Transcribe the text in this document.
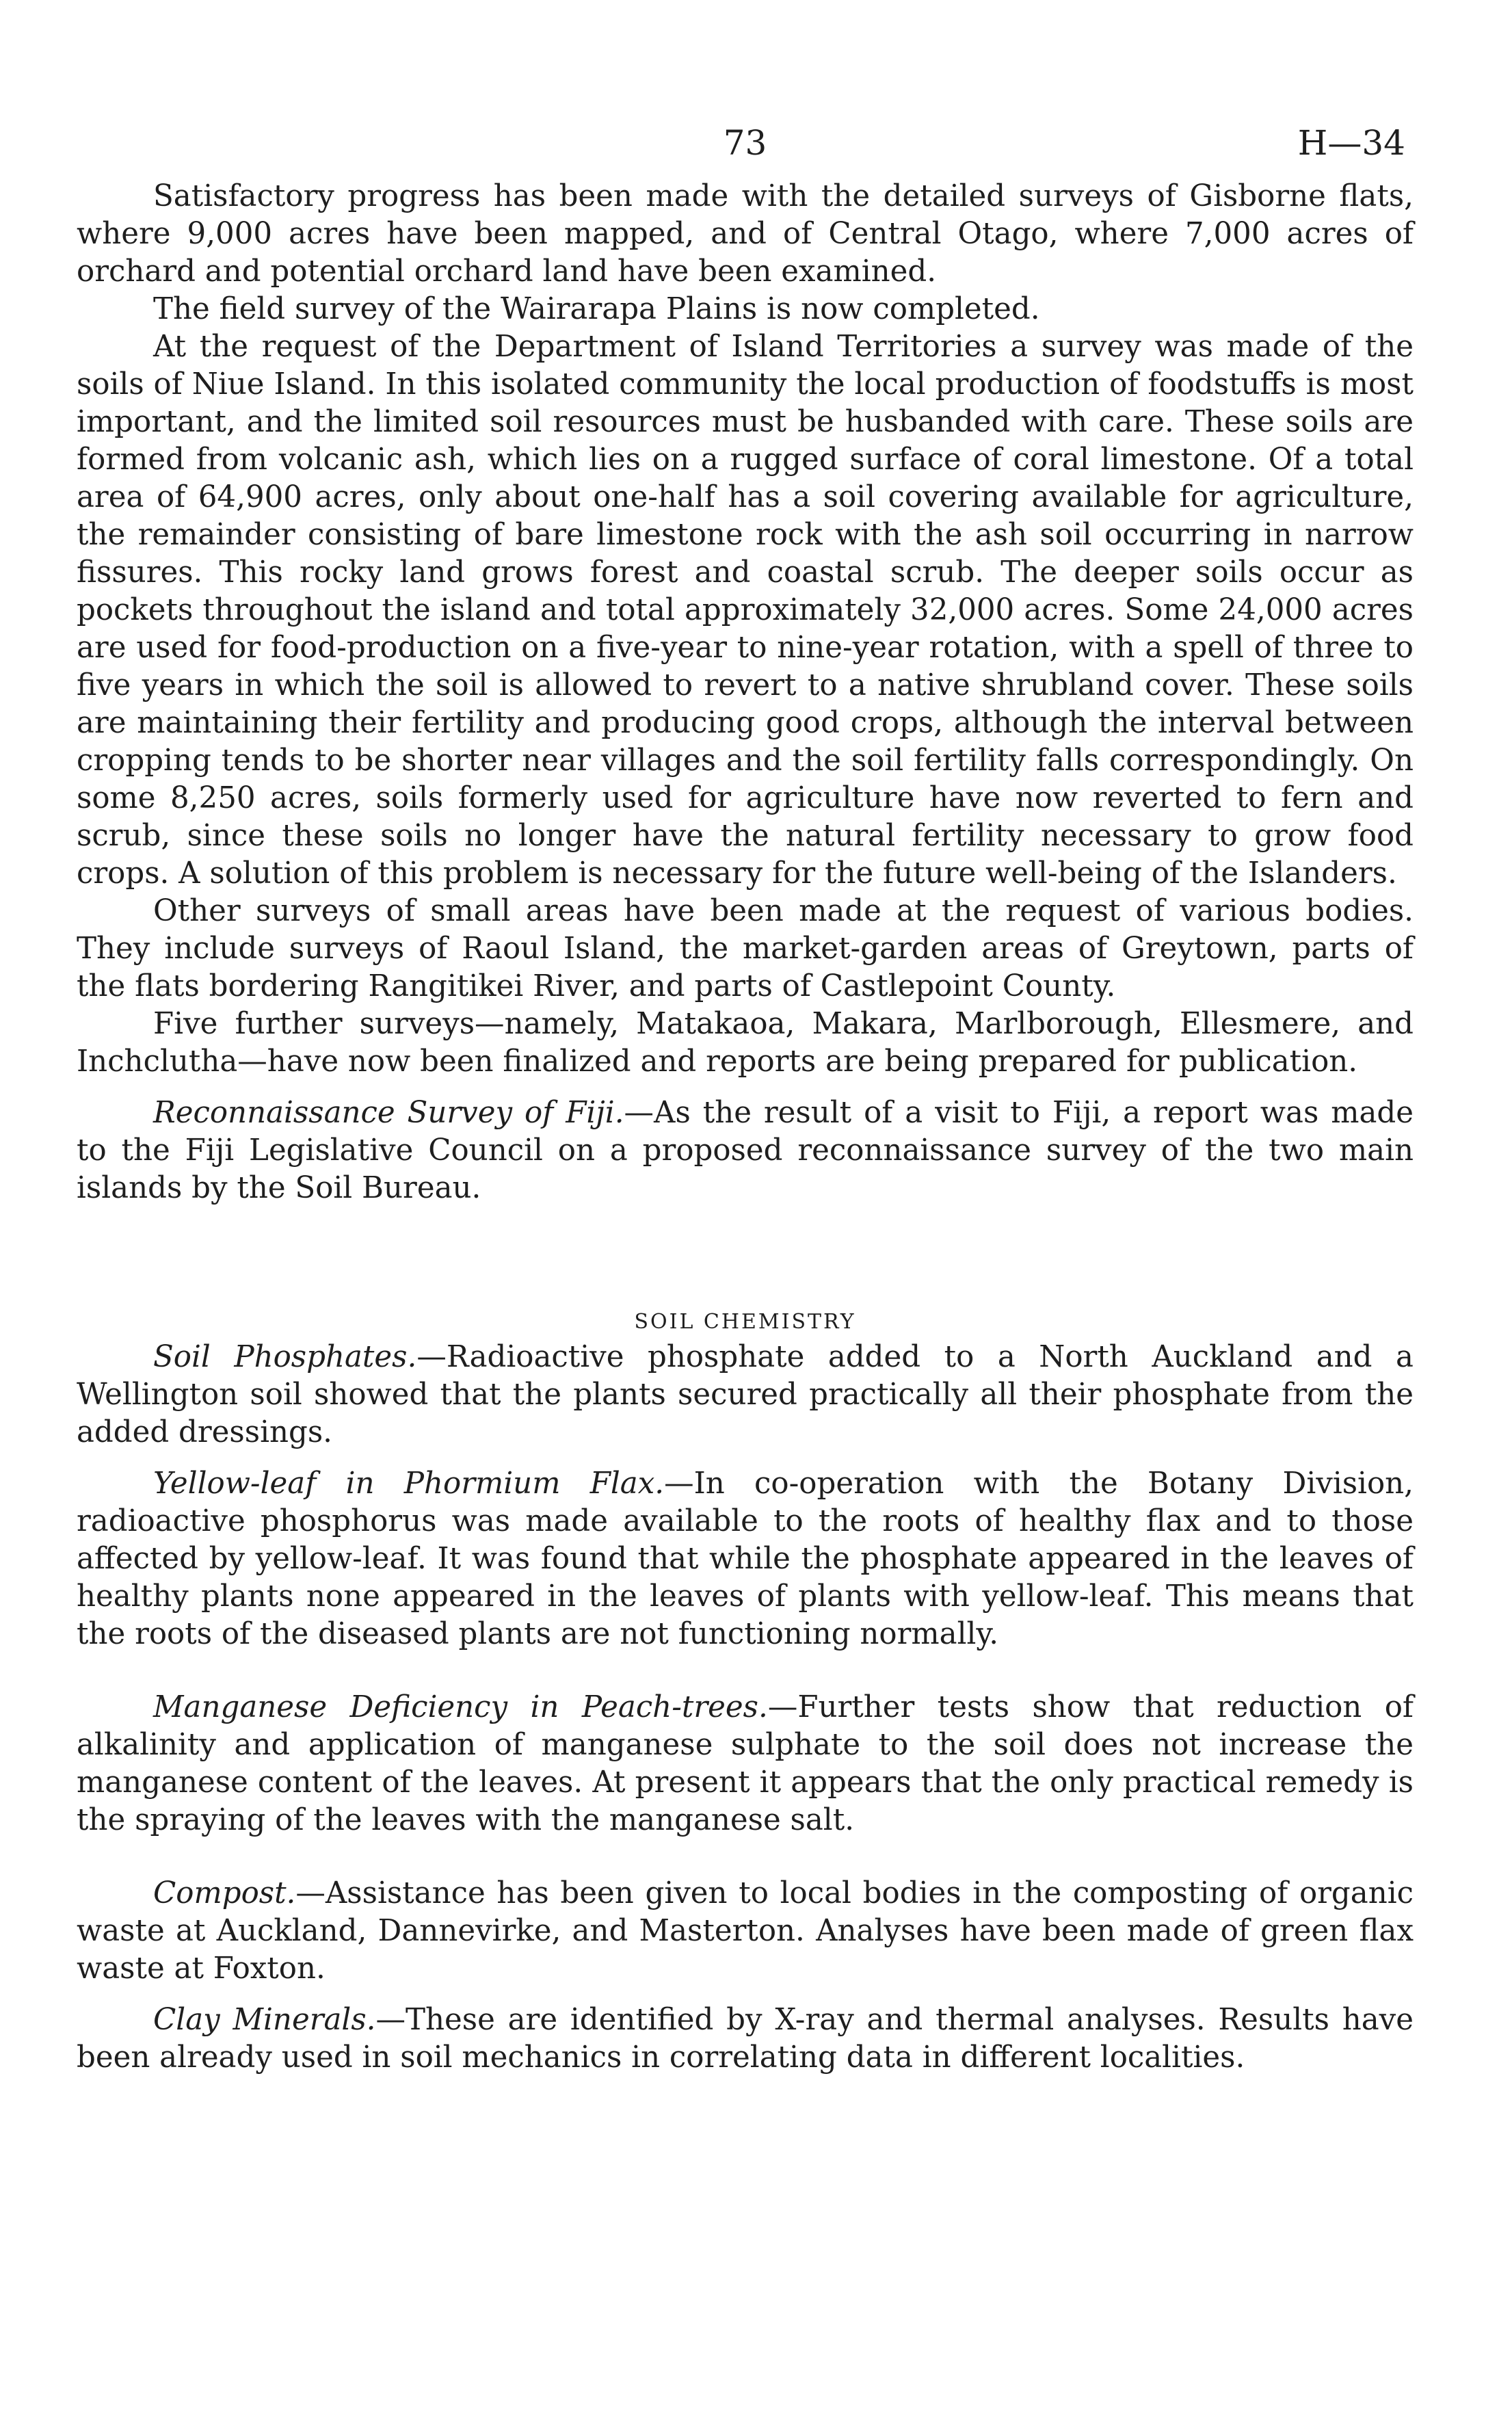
73	H—34

Satisfactory progress has been made with the detailed surveys of Gisborne flats, where 9,000 acres have been mapped, and of Central Otago, where 7,000 acres of orchard and potential orchard land have been examined.

The field survey of the Wairarapa Plains is now completed.

At the request of the Department of Island Territories a survey was made of the soils of Niue Island. In this isolated community the local production of foodstuffs is most important, and the limited soil resources must be husbanded with care. These soils are formed from volcanic ash, which lies on a rugged surface of coral limestone. Of a total area of 64,900 acres, only about one-half has a soil covering available for agriculture, the remainder consisting of bare limestone rock with the ash soil occurring in narrow fissures. This rocky land grows forest and coastal scrub. The deeper soils occur as pockets throughout the island and total approximately 32,000 acres. Some 24,000 acres are used for food-production on a five-year to nine-year rotation, with a spell of three to five years in which the soil is allowed to revert to a native shrubland cover. These soils are maintaining their fertility and producing good crops, although the interval between cropping tends to be shorter near villages and the soil fertility falls correspondingly. On some 8,250 acres, soils formerly used for agriculture have now reverted to fern and scrub, since these soils no longer have the natural fertility necessary to grow food crops. A solution of this problem is necessary for the future well-being of the Islanders.

Other surveys of small areas have been made at the request of various bodies. They include surveys of Raoul Island, the market-garden areas of Greytown, parts of the flats bordering Rangitikei River, and parts of Castlepoint County.

Five further surveys—namely, Matakaoa, Makara, Marlborough, Ellesmere, and Inchclutha—have now been finalized and reports are being prepared for publication.

Reconnaissance Survey of Fiji.—As the result of a visit to Fiji, a report was made to the Fiji Legislative Council on a proposed reconnaissance survey of the two main islands by the Soil Bureau.

SOIL CHEMISTRY

Soil Phosphates.—Radioactive phosphate added to a North Auckland and a Wellington soil showed that the plants secured practically all their phosphate from the added dressings.

Yellow-leaf in Phormium Flax.—In co-operation with the Botany Division, radioactive phosphorus was made available to the roots of healthy flax and to those affected by yellow-leaf. It was found that while the phosphate appeared in the leaves of healthy plants none appeared in the leaves of plants with yellow-leaf. This means that the roots of the diseased plants are not functioning normally.

Manganese Deficiency in Peach-trees.—Further tests show that reduction of alkalinity and application of manganese sulphate to the soil does not increase the manganese content of the leaves. At present it appears that the only practical remedy is the spraying of the leaves with the manganese salt.

Compost.—Assistance has been given to local bodies in the composting of organic waste at Auckland, Dannevirke, and Masterton. Analyses have been made of green flax waste at Foxton.

Clay Minerals.—These are identified by X-ray and thermal analyses. Results have been already used in soil mechanics in correlating data in different localities.
